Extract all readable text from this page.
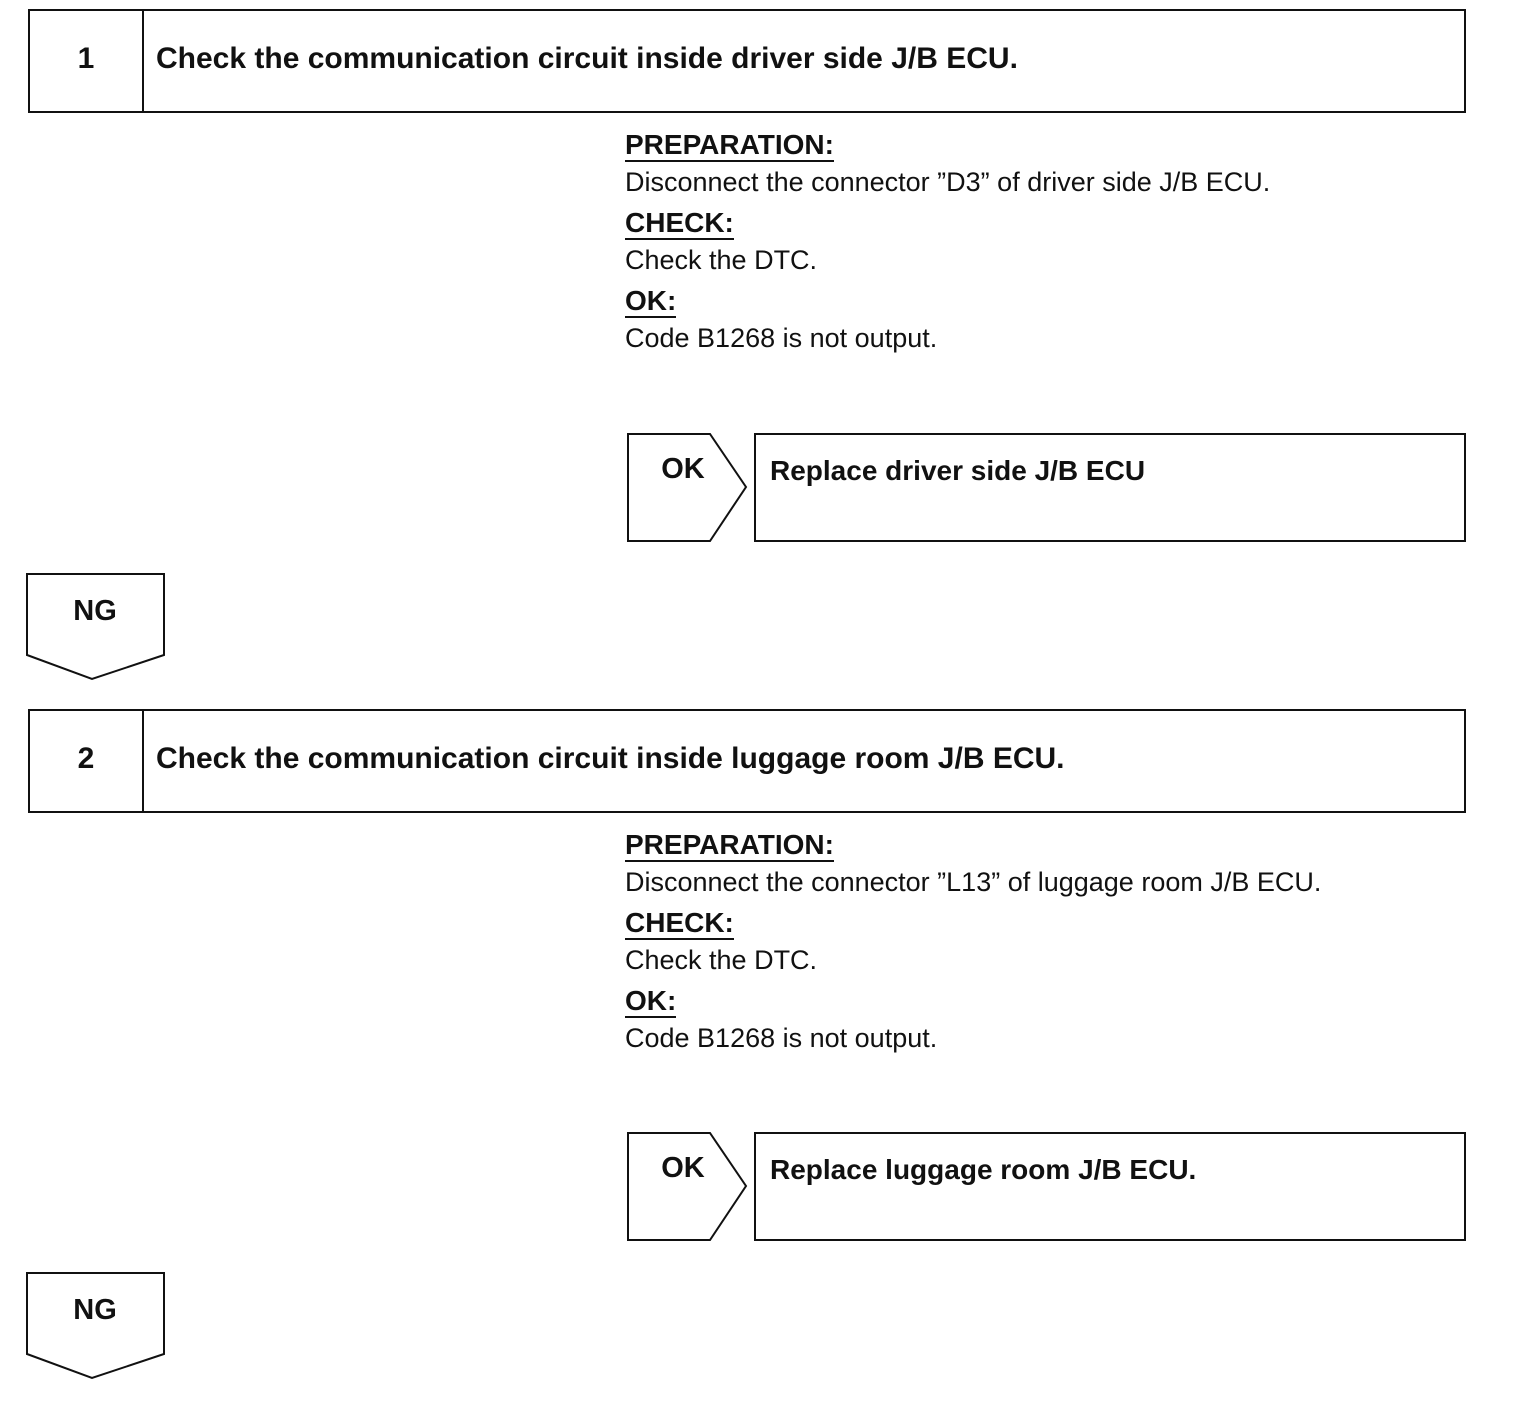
1	Check the communication circuit inside driver side J/B ECU.
PREPARATION:
Disconnect the connector ”D3” of driver side J/B ECU.
CHECK:
Check the DTC.
OK:
Code B1268 is not output.
OK	Replace driver side J/B ECU
NG
2	Check the communication circuit inside luggage room J/B ECU.
PREPARATION:
Disconnect the connector ”L13” of luggage room J/B ECU.
CHECK:
Check the DTC.
OK:
Code B1268 is not output.
OK	Replace luggage room J/B ECU.
NG
